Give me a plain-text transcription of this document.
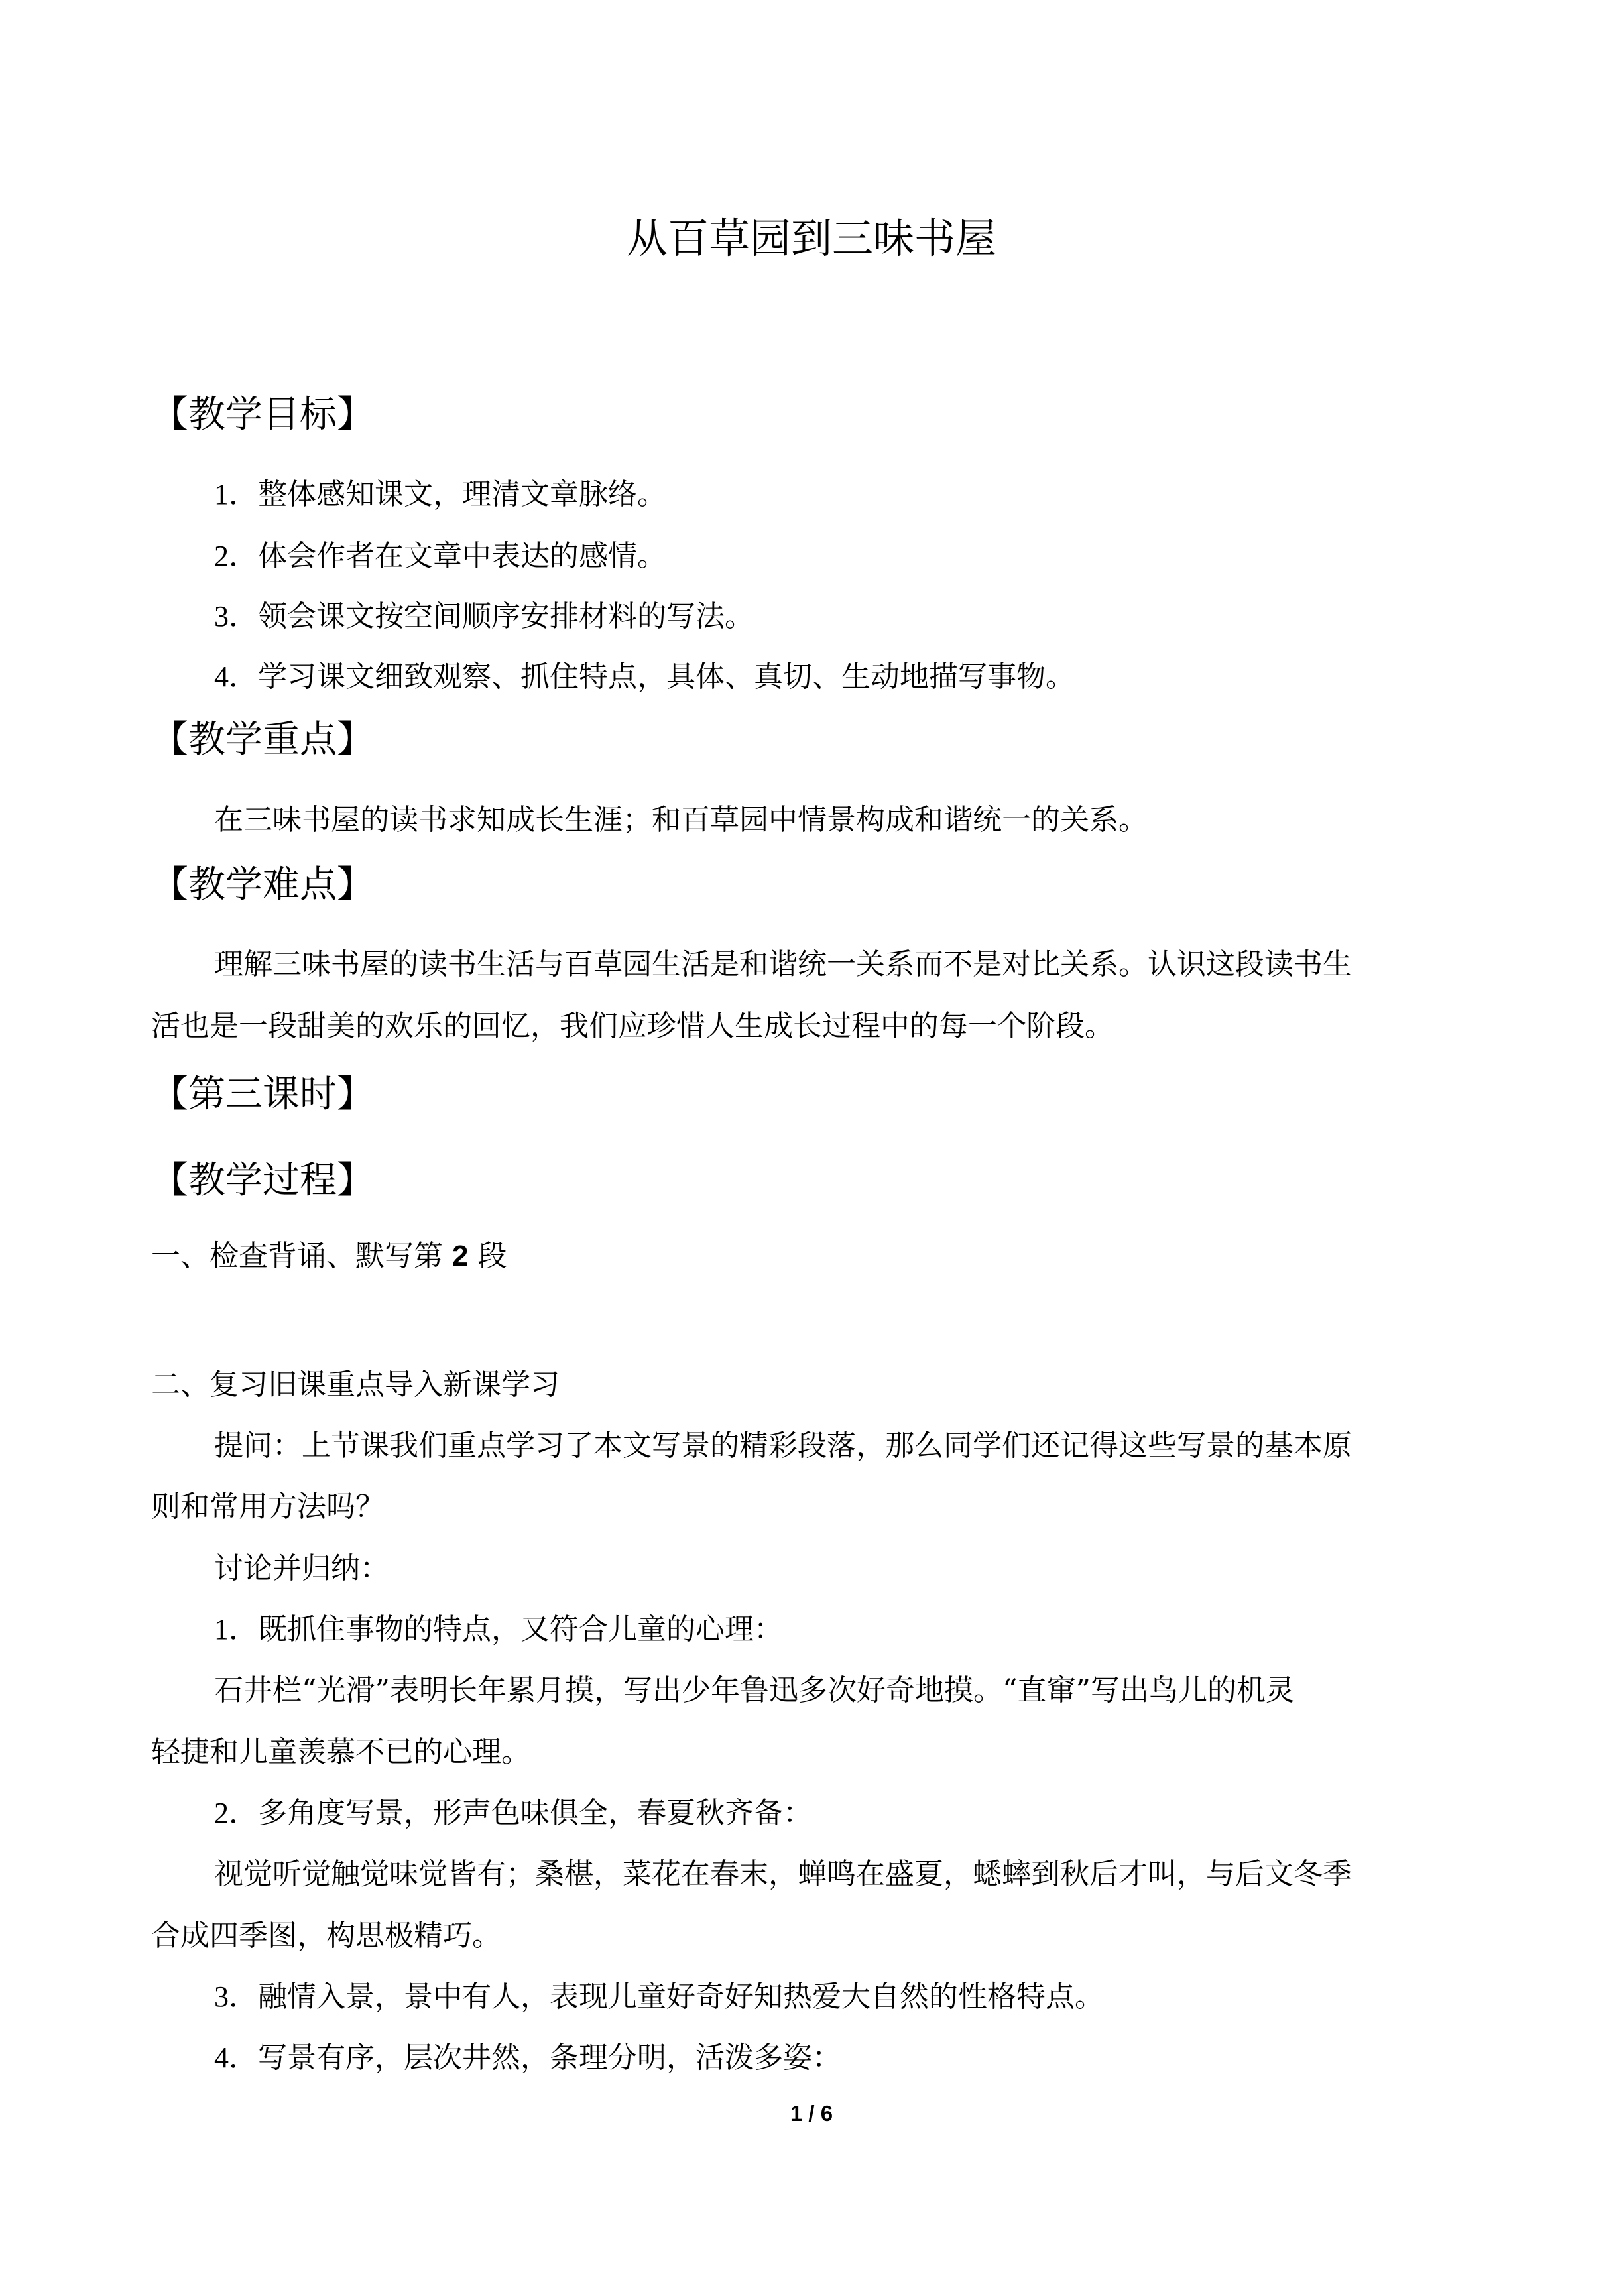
从百草园到三味书屋
【教学目标】
1．整体感知课文，理清文章脉络。
2．体会作者在文章中表达的感情。
3．领会课文按空间顺序安排材料的写法。
4．学习课文细致观察、抓住特点，具体、真切、生动地描写事物。
【教学重点】
在三味书屋的读书求知成长生涯；和百草园中情景构成和谐统一的关系。
【教学难点】
理解三味书屋的读书生活与百草园生活是和谐统一关系而不是对比关系。认识这段读书生
活也是一段甜美的欢乐的回忆，我们应珍惜人生成长过程中的每一个阶段。
【第三课时】
【教学过程】
一、检查背诵、默写第 2 段
二、复习旧课重点导入新课学习
提问：上节课我们重点学习了本文写景的精彩段落，那么同学们还记得这些写景的基本原
则和常用方法吗？
讨论并归纳：
1．既抓住事物的特点，又符合儿童的心理：
石井栏“光滑”表明长年累月摸，写出少年鲁迅多次好奇地摸。“直窜”写出鸟儿的机灵
轻捷和儿童羡慕不已的心理。
2．多角度写景，形声色味俱全，春夏秋齐备：
视觉听觉触觉味觉皆有；桑椹，菜花在春末，蝉鸣在盛夏，蟋蟀到秋后才叫，与后文冬季
合成四季图，构思极精巧。
3．融情入景，景中有人，表现儿童好奇好知热爱大自然的性格特点。
4．写景有序，层次井然，条理分明，活泼多姿：
1 / 6
